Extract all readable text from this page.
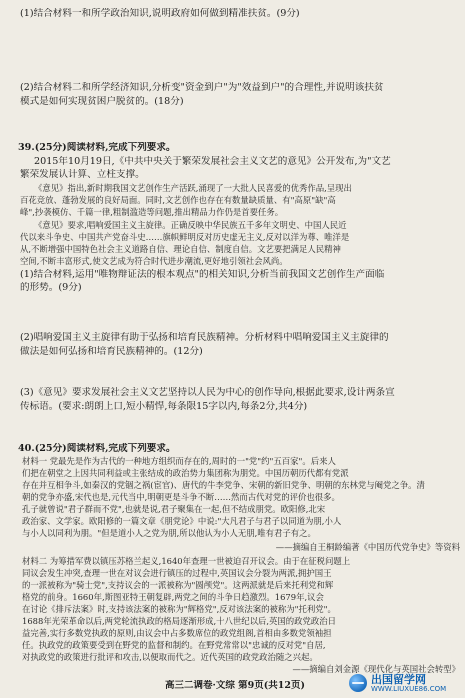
(1)结合材料一和所学政治知识,说明政府如何做到精准扶贫。(9分)
(2)结合材料二和所学经济知识,分析变"资金到户"为"效益到户"的合理性,并说明该扶贫
模式是如何实现贫困户脱贫的。(18分)
39.(25分)阅读材料,完成下列要求。
2015年10月19日,《中共中央关于繁荣发展社会主义文艺的意见》公开发布,为"文艺
繁荣发展认计算、立柱支撑。
《意见》指出,新时期我国文艺创作生产活跃,涌现了一大批人民喜爱的优秀作品,呈现出
百花竞放、蓬勃发展的良好局面。同时,文艺创作也存在有数量缺质量、有"高原"缺"高
峰",抄袭模仿、千篇一律,粗制滥造等问题,推出精品力作仍是首要任务。
《意见》要求,唱响爱国主义主旋律。正确反映中华民族五千多年文明史、中国人民近
代以来斗争史、中国共产党奋斗史……旗帜鲜明反对历史虚无主义,反对以洋为尊、唯洋是
从,不断增强中国特色社会主义道路自信、理论自信、制度自信。文艺要把满足人民精神
空间,不断丰富形式,使文艺成为符合时代进步潮流,更好地引领社会风尚。
(1)结合材料,运用"唯物辩证法的根本观点"的相关知识,分析当前我国文艺创作生产面临
的形势。(9分)
(2)唱响爱国主义主旋律有助于弘扬和培育民族精神。分析材料中唱响爱国主义主旋律的
做法是如何弘扬和培育民族精神的。(12分)
(3)《意见》要求发展社会主义文艺坚持以人民为中心的创作导向,根据此要求,设计两条宣
传标语。(要求:朗朗上口,短小精悍,每条限15字以内,每条2分,共4分)
40.(25分)阅读材料,完成下列要求。
材料一 党最先是作为古代的一种地方组织而存在的,周时的一"党"约"五百家"。后来人
们把在朝堂之上因共同利益或主张结成的政治势力集团称为朋党。中国历朝历代都有党派
存在并互相争斗,如秦汉的党锢之祸(宦官)、唐代的牛李党争、宋朝的新旧党争、明朝的东林党与阉党之争。清
朝的党争亦盛,宋代也是,元代当中,明朝更是斗争不断……然而古代对党的评价也很多。
孔子就曾说"君子群而不党",也就是说,君子聚集在一起,但不结成朋党。欧阳修,北宋
政治家、文学家。欧阳修的一篇文章《朋党论》中说:"大凡君子与君子以同道为朋,小人
与小人以同利为朋。"但是道小人之党为朋,所以他认为小人无朋,唯有君子有之。
——摘编自王桐龄编著《中国历代党争史》等资料
材料二 为筹措军费以镇压苏格兰起义,1640年查理一世被迫召开议会。由于在征税问题上
同议会发生冲突,查理一世在对议会进行镇压的过程中,英国议会分裂为两派,拥护国王
的一派被称为"骑士党",支持议会的一派被称为"圆颅党"。这两派就是后来托利党和辉
格党的前身。1660年,斯图亚特王朝复辟,两党之间的斗争日趋激烈。1679年,议会
在讨论《排斥法案》时,支持该法案的被称为"辉格党",反对该法案的被称为"托利党"。
1688年光荣革命以后,两党轮流执政的格局逐渐形成,十八世纪以后,英国的政党政治日
益完善,实行多数党执政的原则,由议会中占多数席位的政党组阁,首相由多数党领袖担
任。执政党的政策要受到在野党的监督和制约。在野党常常以"忠诚的反对党"自居,
对执政党的政策进行批评和攻击,以便取而代之。近代英国的政党政治随之兴起。
——摘编自刘金源《现代化与英国社会转型》
高三二调卷·文综 第9页(共12页)	出国留学网
WWW.LIUXUE86.COM
